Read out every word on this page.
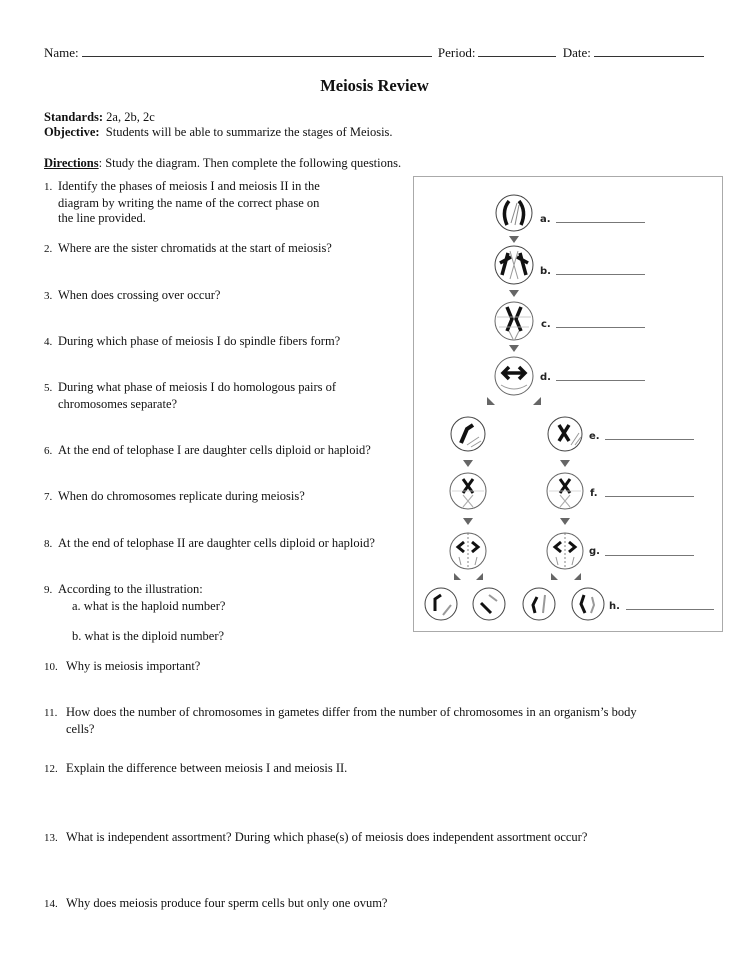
Name:	Period:	Date:
Meiosis Review
Standards: 2a, 2b, 2c
Objective: Students will be able to summarize the stages of Meiosis.
Directions: Study the diagram. Then complete the following questions.
1. Identify the phases of meiosis I and meiosis II in the
diagram by writing the name of the correct phase on
the line provided.
2. Where are the sister chromatids at the start of meiosis?
3. When does crossing over occur?
4. During which phase of meiosis I do spindle fibers form?
5. During what phase of meiosis I do homologous pairs of
chromosomes separate?
6. At the end of telophase I are daughter cells diploid or haploid?
7. When do chromosomes replicate during meiosis?
8. At the end of telophase II are daughter cells diploid or haploid?
9. According to the illustration:
a. what is the haploid number?
b. what is the diploid number?
10. Why is meiosis important?
11. How does the number of chromosomes in gametes differ from the number of chromosomes in an organism’s body
cells?
12. Explain the difference between meiosis I and meiosis II.
13. What is independent assortment? During which phase(s) of meiosis does independent assortment occur?
14. Why does meiosis produce four sperm cells but only one ovum?
a.
b.
c.
d.
e.
f.
g.
h.
